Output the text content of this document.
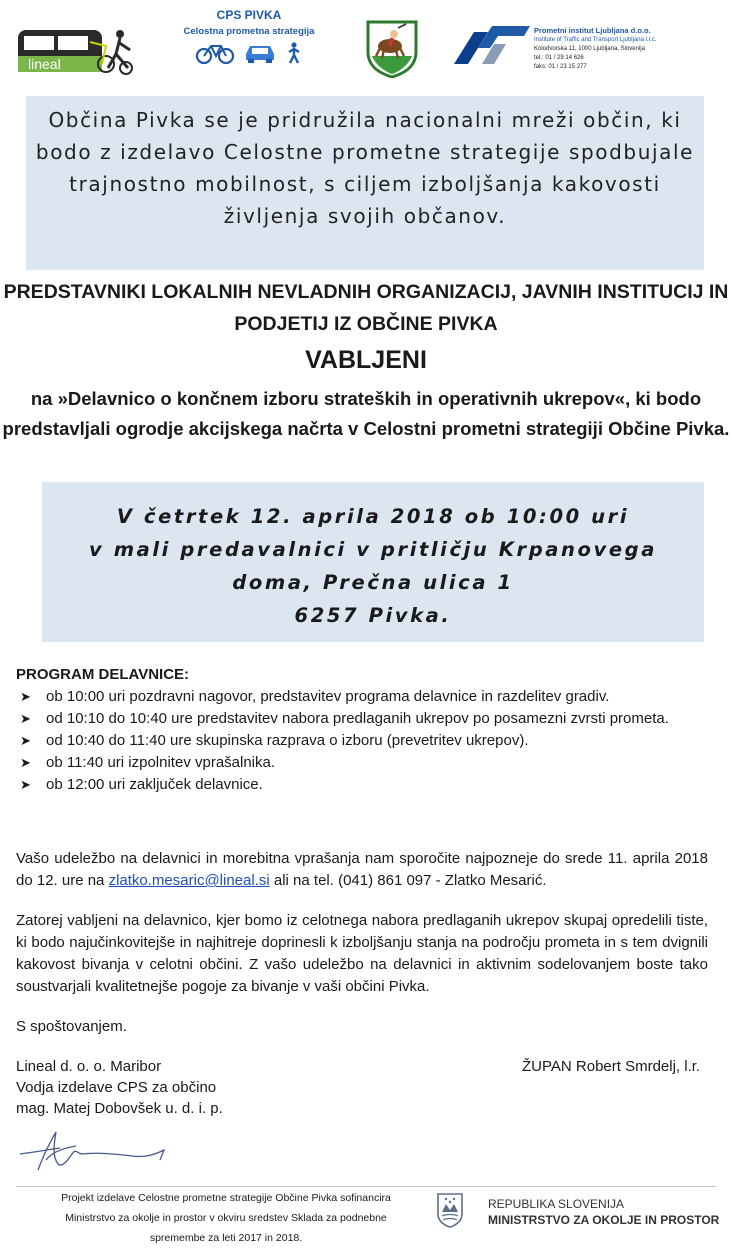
lineal
CPS PIVKA
Celostna prometna strategija	Prometni institut Ljubljana d.o.o.
Institute of Traffic and Transport Ljubljana l.l.c.
Kolodvorska 11, 1000 Ljubljana, Slovenija
tel.: 01 / 29 14 626
faks: 01 / 23 15 277
Občina Pivka se je pridružila nacionalni mreži občin, ki bodo z izdelavo Celostne prometne strategije spodbujale trajnostno mobilnost, s ciljem izboljšanja kakovosti življenja svojih občanov.
PREDSTAVNIKI LOKALNIH NEVLADNIH ORGANIZACIJ, JAVNIH INSTITUCIJ IN PODJETIJ IZ OBČINE PIVKA
VABLJENI
na »Delavnico o končnem izboru strateških in operativnih ukrepov«, ki bodo predstavljali ogrodje akcijskega načrta v Celostni prometni strategiji Občine Pivka.
V četrtek 12. aprila 2018 ob 10:00 uri
v mali predavalnici v pritličju Krpanovega
doma, Prečna ulica 1
6257 Pivka.
PROGRAM DELAVNICE:
➤ ob 10:00 uri pozdravni nagovor, predstavitev programa delavnice in razdelitev gradiv.
➤ od 10:10 do 10:40 ure predstavitev nabora predlaganih ukrepov po posamezni zvrsti prometa.
➤ od 10:40 do 11:40 ure skupinska razprava o izboru (prevetritev ukrepov).
➤ ob 11:40 uri izpolnitev vprašalnika.
➤ ob 12:00 uri zaključek delavnice.
Vašo udeležbo na delavnici in morebitna vprašanja nam sporočite najpozneje do srede 11. aprila 2018 do 12. ure na zlatko.mesaric@lineal.si ali na tel. (041) 861 097 - Zlatko Mesarić.
Zatorej vabljeni na delavnico, kjer bomo iz celotnega nabora predlaganih ukrepov skupaj opredelili tiste, ki bodo najučinkovitejše in najhitreje doprinesli k izboljšanju stanja na področju prometa in s tem dvignili kakovost bivanja v celotni občini. Z vašo udeležbo na delavnici in aktivnim sodelovanjem boste tako soustvarjali kvalitetnejše pogoje za bivanje v vaši občini Pivka.
S spoštovanjem.
Lineal d. o. o. Maribor
Vodja izdelave CPS za občino
mag. Matej Dobovšek u. d. i. p.
ŽUPAN Robert Smrdelj, l.r.
Projekt izdelave Celostne prometne strategije Občine Pivka sofinancira
Ministrstvo za okolje in prostor v okviru sredstev Sklada za podnebne
spremembe za leti 2017 in 2018.
REPUBLIKA SLOVENIJA
MINISTRSTVO ZA OKOLJE IN PROSTOR
